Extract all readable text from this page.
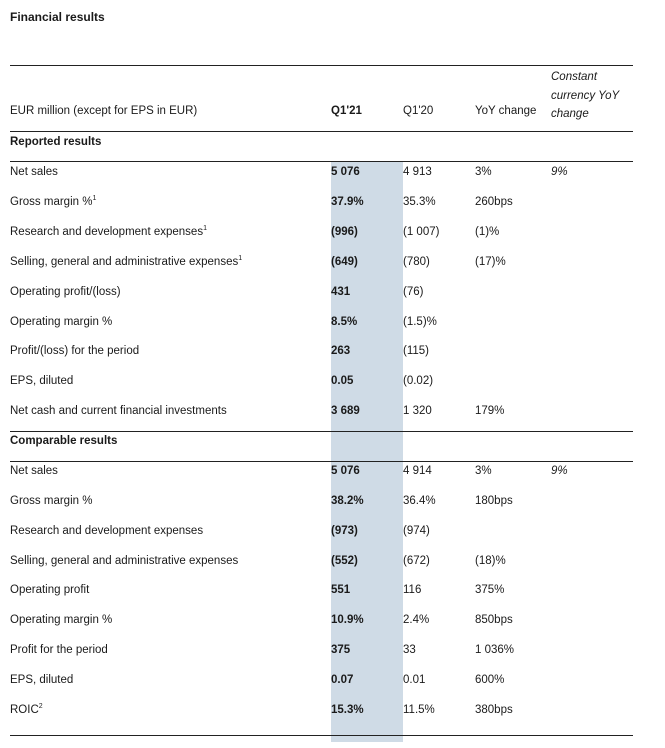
Financial results
Constant currency YoY change
EUR million (except for EPS in EUR)	Q1'21	Q1'20	YoY change
Reported results
Net sales	5 076	4 913	3%	9%
Gross margin %$^1$	37.9%	35.3%	260bps
Research and development expenses$^1$	(996)	(1 007)	(1)%
Selling, general and administrative expenses$^1$	(649)	(780)	(17)%
Operating profit/(loss)	431	(76)
Operating margin %	8.5%	(1.5)%
Profit/(loss) for the period	263	(115)
EPS, diluted	0.05	(0.02)
Net cash and current financial investments	3 689	1 320	179%
Comparable results
Net sales	5 076	4 914	3%	9%
Gross margin %	38.2%	36.4%	180bps
Research and development expenses	(973)	(974)
Selling, general and administrative expenses	(552)	(672)	(18)%
Operating profit	551	116	375%
Operating margin %	10.9%	2.4%	850bps
Profit for the period	375	33	1 036%
EPS, diluted	0.07	0.01	600%
ROIC$^2$	15.3%	11.5%	380bps
